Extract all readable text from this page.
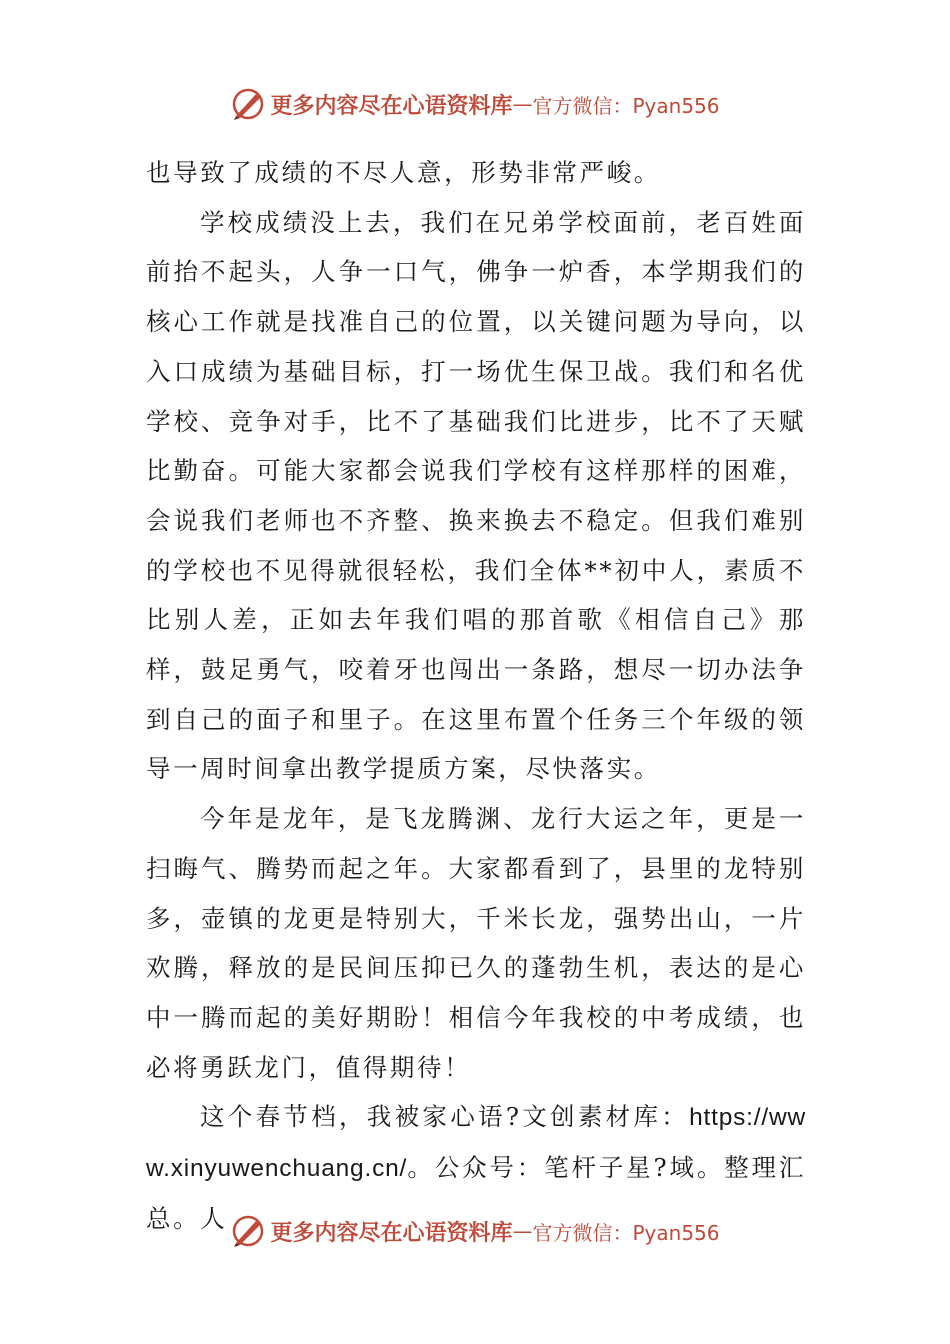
更多内容尽在心语资料库 — 官方微信：Pyan556

也导致了成绩的不尽人意，形势非常严峻。

学校成绩没上去，我们在兄弟学校面前，老百姓面前抬不起头，人争一口气，佛争一炉香，本学期我们的核心工作就是找准自己的位置，以关键问题为导向，以入口成绩为基础目标，打一场优生保卫战。我们和名优学校、竞争对手，比不了基础我们比进步，比不了天赋比勤奋。可能大家都会说我们学校有这样那样的困难，会说我们老师也不齐整、换来换去不稳定。但我们难别的学校也不见得就很轻松，我们全体**初中人，素质不比别人差，正如去年我们唱的那首歌《相信自己》那样，鼓足勇气，咬着牙也闯出一条路，想尽一切办法争到自己的面子和里子。在这里布置个任务三个年级的领导一周时间拿出教学提质方案，尽快落实。

今年是龙年，是飞龙腾渊、龙行大运之年，更是一扫晦气、腾势而起之年。大家都看到了，县里的龙特别多，壶镇的龙更是特别大，千米长龙，强势出山，一片欢腾，释放的是民间压抑已久的蓬勃生机，表达的是心中一腾而起的美好期盼！相信今年我校的中考成绩，也必将勇跃龙门，值得期待！

这个春节档，我被家心语?文创素材库：https://www.xinyuwenchuang.cn/。公众号：笔杆子星?域。整理汇总。人	更多内容尽在心语资料库 — 官方微信：Pyan556
